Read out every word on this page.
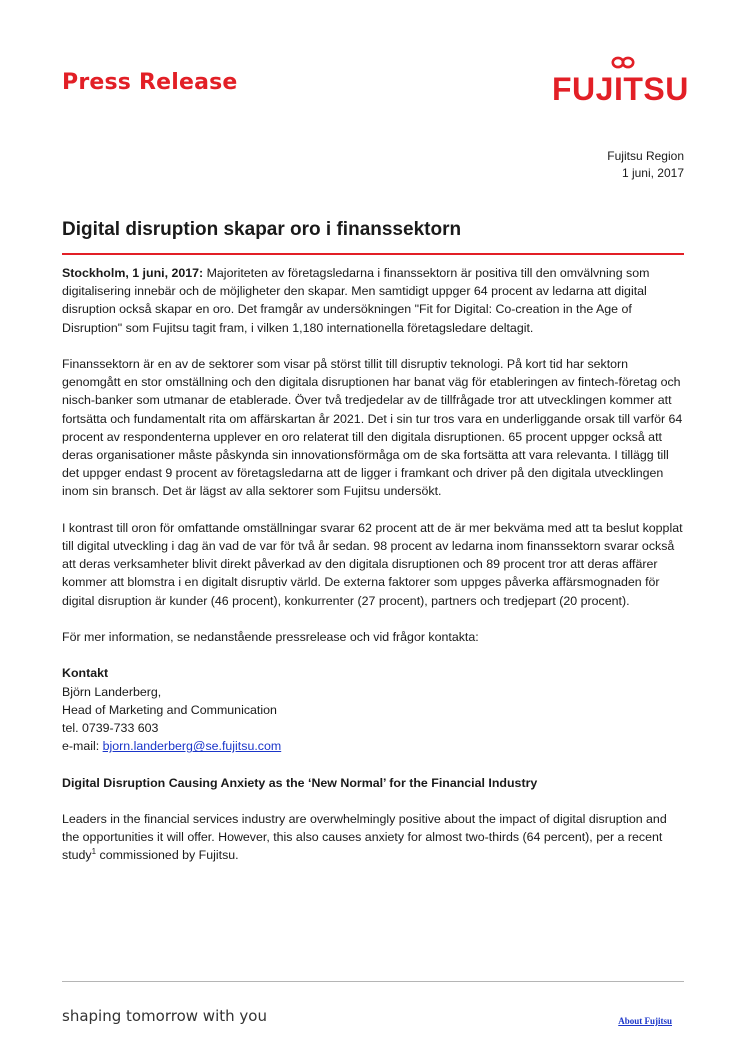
Press Release	FUJITSU
Fujitsu Region
1 juni, 2017
Digital disruption skapar oro i finanssektorn

Stockholm, 1 juni, 2017: Majoriteten av företagsledarna i finanssektorn är positiva till den omvälvning som digitalisering innebär och de möjligheter den skapar. Men samtidigt uppger 64 procent av ledarna att digital disruption också skapar en oro. Det framgår av undersökningen "Fit for Digital: Co-creation in the Age of Disruption" som Fujitsu tagit fram, i vilken 1,180 internationella företagsledare deltagit.

Finanssektorn är en av de sektorer som visar på störst tillit till disruptiv teknologi. På kort tid har sektorn genomgått en stor omställning och den digitala disruptionen har banat väg för etableringen av fintech-företag och nisch-banker som utmanar de etablerade. Över två tredjedelar av de tillfrågade tror att utvecklingen kommer att fortsätta och fundamentalt rita om affärskartan år 2021. Det i sin tur tros vara en underliggande orsak till varför 64 procent av respondenterna upplever en oro relaterat till den digitala disruptionen. 65 procent uppger också att deras organisationer måste påskynda sin innovationsförmåga om de ska fortsätta att vara relevanta. I tillägg till det uppger endast 9 procent av företagsledarna att de ligger i framkant och driver på den digitala utvecklingen inom sin bransch. Det är lägst av alla sektorer som Fujitsu undersökt.

I kontrast till oron för omfattande omställningar svarar 62 procent att de är mer bekväma med att ta beslut kopplat till digital utveckling i dag än vad de var för två år sedan. 98 procent av ledarna inom finanssektorn svarar också att deras verksamheter blivit direkt påverkad av den digitala disruptionen och 89 procent tror att deras affärer kommer att blomstra i en digitalt disruptiv värld. De externa faktorer som uppges påverka affärsmognaden för digital disruption är kunder (46 procent), konkurrenter (27 procent), partners och tredjepart (20 procent).

För mer information, se nedanstående pressrelease och vid frågor kontakta:

Kontakt
Björn Landerberg,
Head of Marketing and Communication
tel. 0739-733 603
e-mail: bjorn.landerberg@se.fujitsu.com

Digital Disruption Causing Anxiety as the ‘New Normal’ for the Financial Industry

Leaders in the financial services industry are overwhelmingly positive about the impact of digital disruption and the opportunities it will offer. However, this also causes anxiety for almost two-thirds (64 percent), per a recent study$^1$ commissioned by Fujitsu.

shaping tomorrow with you	About Fujitsu
